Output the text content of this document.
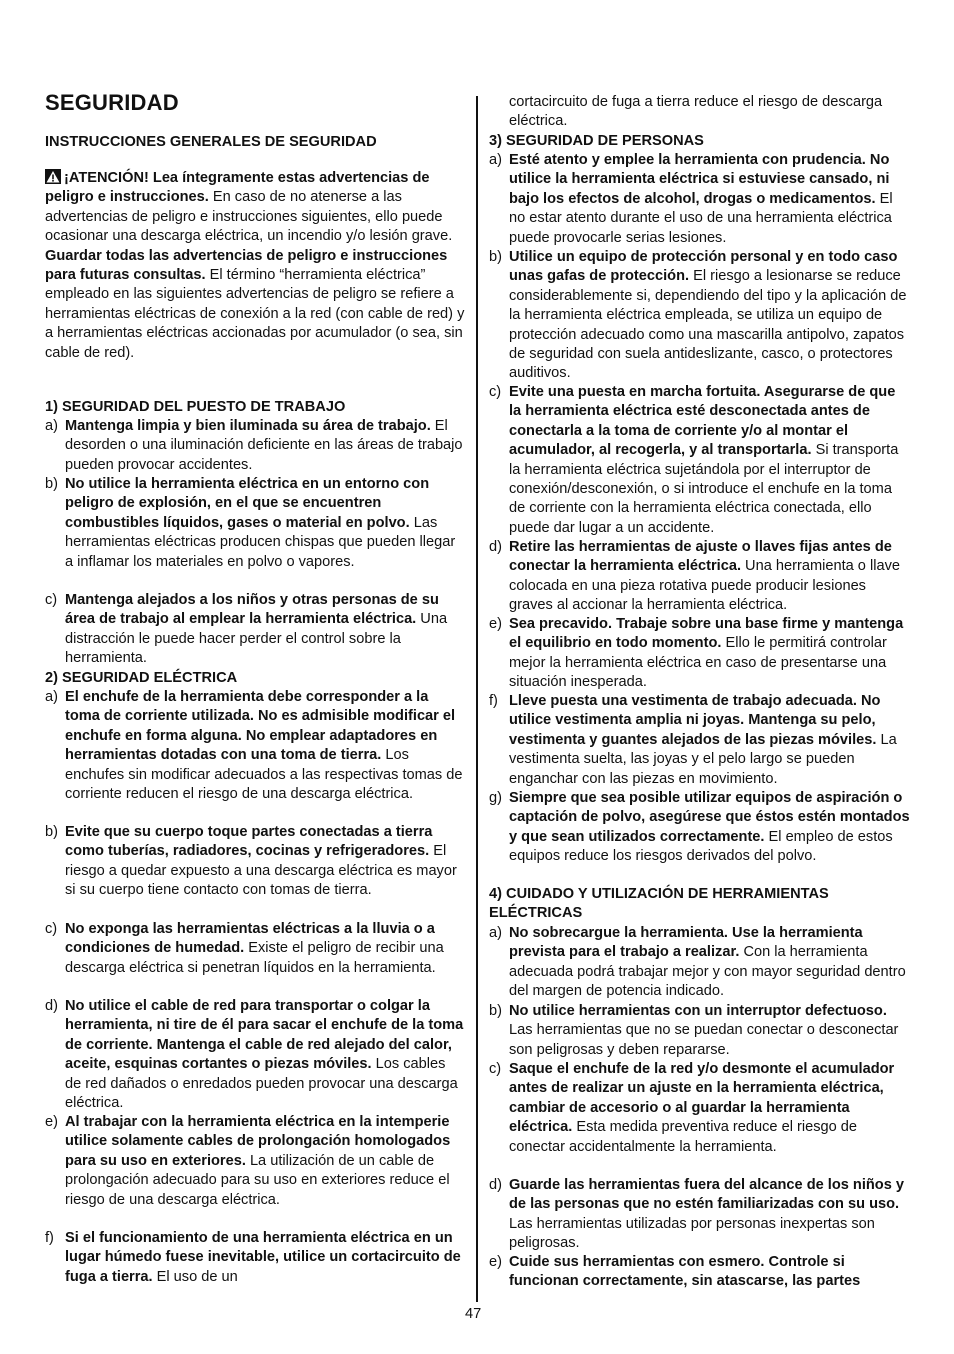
SEGURIDAD
INSTRUCCIONES GENERALES DE SEGURIDAD
¡ATENCIÓN! Lea íntegramente estas advertencias de peligro e instrucciones. En caso de no atenerse a las advertencias de peligro e instrucciones siguientes, ello puede ocasionar una descarga eléctrica, un incendio y/o lesión grave. Guardar todas las advertencias de peligro e instrucciones para futuras consultas. El término “herramienta eléctrica” empleado en las siguientes advertencias de peligro se refiere a herramientas eléctricas de conexión a la red (con cable de red) y a herramientas eléctricas accionadas por acumulador (o sea, sin cable de red).
1) SEGURIDAD DEL PUESTO DE TRABAJO
a) Mantenga limpia y bien iluminada su área de trabajo. El desorden o una iluminación deficiente en las áreas de trabajo pueden provocar accidentes.
b) No utilice la herramienta eléctrica en un entorno con peligro de explosión, en el que se encuentren combustibles líquidos, gases o material en polvo. Las herramientas eléctricas producen chispas que pueden llegar a inflamar los materiales en polvo o vapores.
c) Mantenga alejados a los niños y otras personas de su área de trabajo al emplear la herramienta eléctrica. Una distracción le puede hacer perder el control sobre la herramienta.
2) SEGURIDAD ELÉCTRICA
a) El enchufe de la herramienta debe corresponder a la toma de corriente utilizada. No es admisible modificar el enchufe en forma alguna. No emplear adaptadores en herramientas dotadas con una toma de tierra. Los enchufes sin modificar adecuados a las respectivas tomas de corriente reducen el riesgo de una descarga eléctrica.
b) Evite que su cuerpo toque partes conectadas a tierra como tuberías, radiadores, cocinas y refrigeradores. El riesgo a quedar expuesto a una descarga eléctrica es mayor si su cuerpo tiene contacto con tomas de tierra.
c) No exponga las herramientas eléctricas a la lluvia o a condiciones de humedad. Existe el peligro de recibir una descarga eléctrica si penetran líquidos en la herramienta.
d) No utilice el cable de red para transportar o colgar la herramienta, ni tire de él para sacar el enchufe de la toma de corriente. Mantenga el cable de red alejado del calor, aceite, esquinas cortantes o piezas móviles. Los cables de red dañados o enredados pueden provocar una descarga eléctrica.
e) Al trabajar con la herramienta eléctrica en la intemperie utilice solamente cables de prolongación homologados para su uso en exteriores. La utilización de un cable de prolongación adecuado para su uso en exteriores reduce el riesgo de una descarga eléctrica.
f) Si el funcionamiento de una herramienta eléctrica en un lugar húmedo fuese inevitable, utilice un cortacircuito de fuga a tierra. El uso de un
cortacircuito de fuga a tierra reduce el riesgo de descarga eléctrica.
3) SEGURIDAD DE PERSONAS
a) Esté atento y emplee la herramienta con prudencia. No utilice la herramienta eléctrica si estuviese cansado, ni bajo los efectos de alcohol, drogas o medicamentos. El no estar atento durante el uso de una herramienta eléctrica puede provocarle serias lesiones.
b) Utilice un equipo de protección personal y en todo caso unas gafas de protección. El riesgo a lesionarse se reduce considerablemente si, dependiendo del tipo y la aplicación de la herramienta eléctrica empleada, se utiliza un equipo de protección adecuado como una mascarilla antipolvo, zapatos de seguridad con suela antideslizante, casco, o protectores auditivos.
c) Evite una puesta en marcha fortuita. Asegurarse de que la herramienta eléctrica esté desconectada antes de conectarla a la toma de corriente y/o al montar el acumulador, al recogerla, y al transportarla. Si transporta la herramienta eléctrica sujetándola por el interruptor de conexión/desconexión, o si introduce el enchufe en la toma de corriente con la herramienta eléctrica conectada, ello puede dar lugar a un accidente.
d) Retire las herramientas de ajuste o llaves fijas antes de conectar la herramienta eléctrica. Una herramienta o llave colocada en una pieza rotativa puede producir lesiones graves al accionar la herramienta eléctrica.
e) Sea precavido. Trabaje sobre una base firme y mantenga el equilibrio en todo momento. Ello le permitirá controlar mejor la herramienta eléctrica en caso de presentarse una situación inesperada.
f) Lleve puesta una vestimenta de trabajo adecuada. No utilice vestimenta amplia ni joyas. Mantenga su pelo, vestimenta y guantes alejados de las piezas móviles. La vestimenta suelta, las joyas y el pelo largo se pueden enganchar con las piezas en movimiento.
g) Siempre que sea posible utilizar equipos de aspiración o captación de polvo, asegúrese que éstos estén montados y que sean utilizados correctamente. El empleo de estos equipos reduce los riesgos derivados del polvo.
4) CUIDADO Y UTILIZACIÓN DE HERRAMIENTAS ELÉCTRICAS
a) No sobrecargue la herramienta. Use la herramienta prevista para el trabajo a realizar. Con la herramienta adecuada podrá trabajar mejor y con mayor seguridad dentro del margen de potencia indicado.
b) No utilice herramientas con un interruptor defectuoso. Las herramientas que no se puedan conectar o desconectar son peligrosas y deben repararse.
c) Saque el enchufe de la red y/o desmonte el acumulador antes de realizar un ajuste en la herramienta eléctrica, cambiar de accesorio o al guardar la herramienta eléctrica. Esta medida preventiva reduce el riesgo de conectar accidentalmente la herramienta.
d) Guarde las herramientas fuera del alcance de los niños y de las personas que no estén familiarizadas con su uso. Las herramientas utilizadas por personas inexpertas son peligrosas.
e) Cuide sus herramientas con esmero. Controle si funcionan correctamente, sin atascarse, las partes
47
